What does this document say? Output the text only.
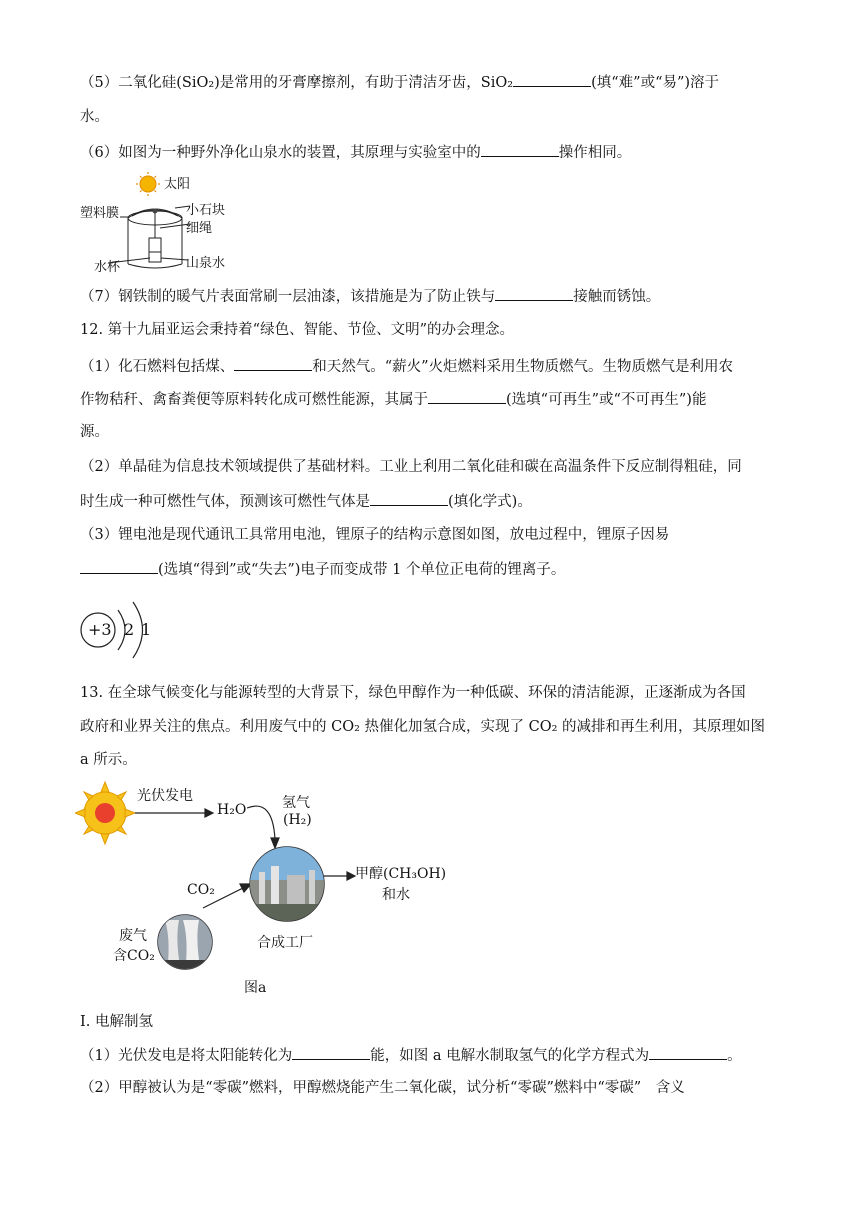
（5）二氧化硅(SiO₂)是常用的牙膏摩擦剂，有助于清洁牙齿，SiO₂	(填“难”或“易”)溶于
水。
（6）如图为一种野外净化山泉水的装置，其原理与实验室中的	操作相同。
太阳
塑料膜	小石块
细绳
水杯	山泉水
（7）钢铁制的暖气片表面常刷一层油漆，该措施是为了防止铁与	接触而锈蚀。
12. 第十九届亚运会秉持着“绿色、智能、节俭、文明”的办会理念。
（1）化石燃料包括煤、	和天然气。“薪火”火炬燃料采用生物质燃气。生物质燃气是利用农
作物秸秆、禽畜粪便等原料转化成可燃性能源，其属于	(选填“可再生”或“不可再生”)能
源。
（2）单晶硅为信息技术领域提供了基础材料。工业上利用二氧化硅和碳在高温条件下反应制得粗硅，同
时生成一种可燃性气体，预测该可燃性气体是	(填化学式)。
（3）锂电池是现代通讯工具常用电池，锂原子的结构示意图如图，放电过程中，锂原子因易
(选填“得到”或“失去”)电子而变成带 1 个单位正电荷的锂离子。
+3 2 1
13. 在全球气候变化与能源转型的大背景下，绿色甲醇作为一种低碳、环保的清洁能源，正逐渐成为各国
政府和业界关注的焦点。利用废气中的 CO₂ 热催化加氢合成，实现了 CO₂ 的减排和再生利用，其原理如图
a 所示。
光伏发电
H₂O	氢气
(H₂)
CO₂
废气
含CO₂
合成工厂
甲醇(CH₃OH)
和水
图a
I. 电解制氢
（1）光伏发电是将太阳能转化为	能，如图 a 电解水制取氢气的化学方程式为	。
（2）甲醇被认为是“零碳”燃料，甲醇燃烧能产生二氧化碳，试分析“零碳”燃料中“零碳”　含义
